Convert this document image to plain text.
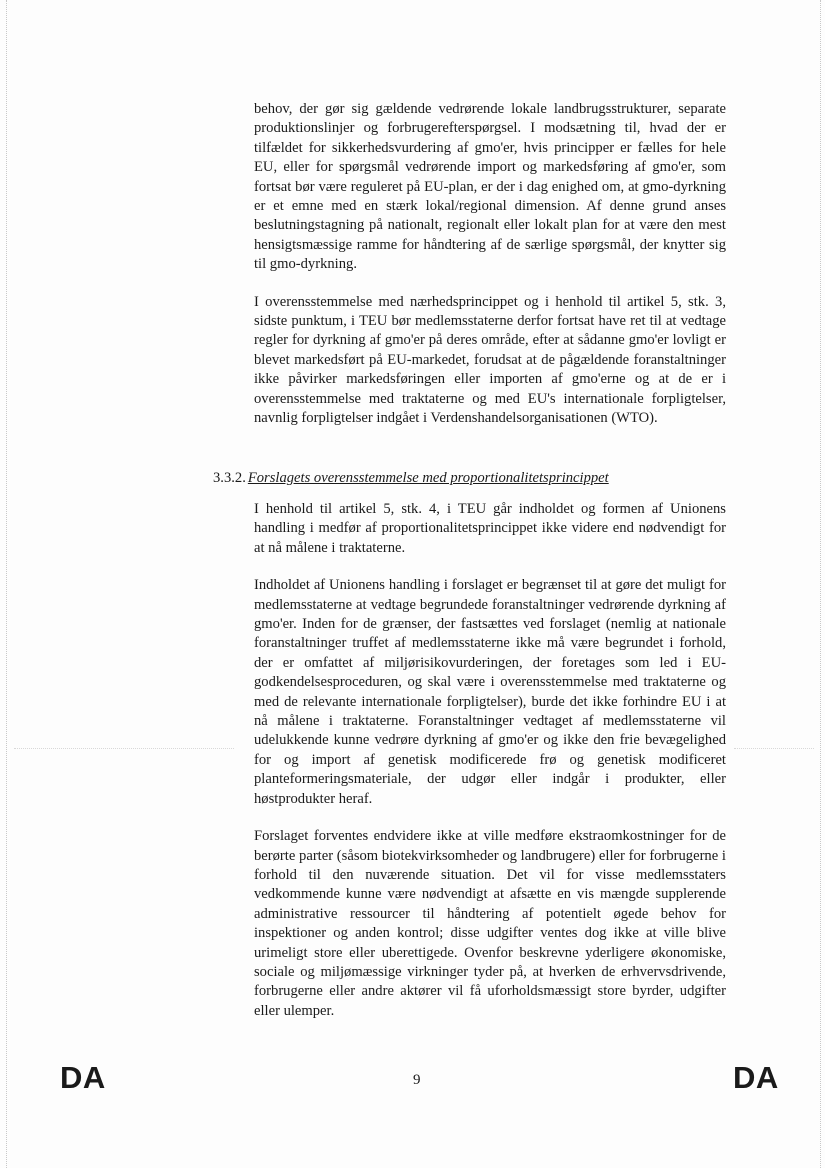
behov, der gør sig gældende vedrørende lokale landbrugsstrukturer, separate produktionslinjer og forbrugerefterspørgsel. I modsætning til, hvad der er tilfældet for sikkerhedsvurdering af gmo'er, hvis principper er fælles for hele EU, eller for spørgsmål vedrørende import og markedsføring af gmo'er, som fortsat bør være reguleret på EU-plan, er der i dag enighed om, at gmo-dyrkning er et emne med en stærk lokal/regional dimension. Af denne grund anses beslutningstagning på nationalt, regionalt eller lokalt plan for at være den mest hensigtsmæssige ramme for håndtering af de særlige spørgsmål, der knytter sig til gmo-dyrkning.

I overensstemmelse med nærhedsprincippet og i henhold til artikel 5, stk. 3, sidste punktum, i TEU bør medlemsstaterne derfor fortsat have ret til at vedtage regler for dyrkning af gmo'er på deres område, efter at sådanne gmo'er lovligt er blevet markedsført på EU-markedet, forudsat at de pågældende foranstaltninger ikke påvirker markedsføringen eller importen af gmo'erne og at de er i overensstemmelse med traktaterne og med EU's internationale forpligtelser, navnlig forpligtelser indgået i Verdenshandelsorganisationen (WTO).

3.3.2. Forslagets overensstemmelse med proportionalitetsprincippet

I henhold til artikel 5, stk. 4, i TEU går indholdet og formen af Unionens handling i medfør af proportionalitetsprincippet ikke videre end nødvendigt for at nå målene i traktaterne.

Indholdet af Unionens handling i forslaget er begrænset til at gøre det muligt for medlemsstaterne at vedtage begrundede foranstaltninger vedrørende dyrkning af gmo'er. Inden for de grænser, der fastsættes ved forslaget (nemlig at nationale foranstaltninger truffet af medlemsstaterne ikke må være begrundet i forhold, der er omfattet af miljørisikovurderingen, der foretages som led i EU-godkendelsesproceduren, og skal være i overensstemmelse med traktaterne og med de relevante internationale forpligtelser), burde det ikke forhindre EU i at nå målene i traktaterne. Foranstaltninger vedtaget af medlemsstaterne vil udelukkende kunne vedrøre dyrkning af gmo'er og ikke den frie bevægelighed for og import af genetisk modificerede frø og genetisk modificeret planteformeringsmateriale, der udgør eller indgår i produkter, eller høstprodukter heraf.

Forslaget forventes endvidere ikke at ville medføre ekstraomkostninger for de berørte parter (såsom biotekvirksomheder og landbrugere) eller for forbrugerne i forhold til den nuværende situation. Det vil for visse medlemsstaters vedkommende kunne være nødvendigt at afsætte en vis mængde supplerende administrative ressourcer til håndtering af potentielt øgede behov for inspektioner og anden kontrol; disse udgifter ventes dog ikke at ville blive urimeligt store eller uberettigede. Ovenfor beskrevne yderligere økonomiske, sociale og miljømæssige virkninger tyder på, at hverken de erhvervsdrivende, forbrugerne eller andre aktører vil få uforholdsmæssigt store byrder, udgifter eller ulemper.

DA	9	DA
